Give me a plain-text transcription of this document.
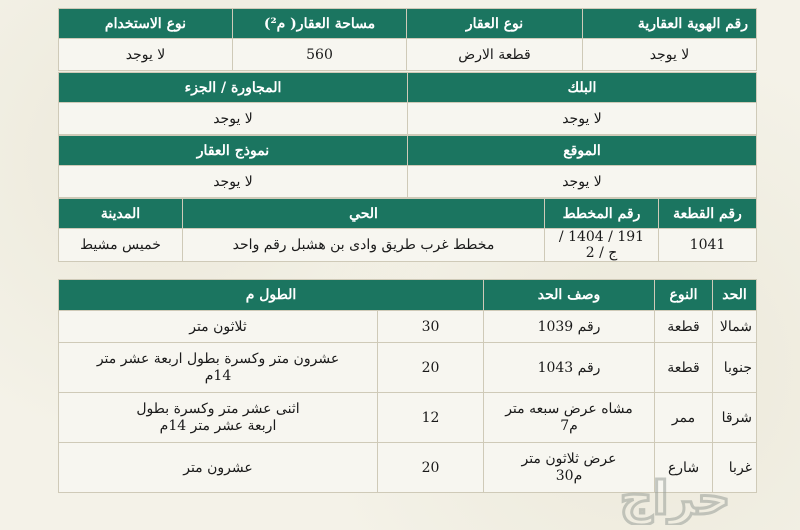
رقم الهوية العقارية	نوع العقار	مساحة العقار( م²)	نوع الاستخدام
لا يوجد	قطعة الارض	560	لا يوجد
البلك	المجاورة / الجزء
لا يوجد	لا يوجد
الموقع	نموذج العقار
لا يوجد	لا يوجد
رقم القطعة	رقم المخطط	الحي	المدينة
1041	191 / 1404 / ج / 2	مخطط غرب طريق وادى بن هشبل رقم واحد	خميس مشيط
الحد	النوع	وصف الحد	الطول م	
شمالا	قطعة	رقم 1039	30	ثلاثون متر
جنوبا	قطعة	رقم 1043	20	عشرون متر وكسرة بطول اربعة عشر متر 14م
شرقا	ممر	مشاه عرض سبعه متر م7	12	اثنى عشر متر وكسرة بطول اربعة عشر متر 14م
غربا	شارع	عرض ثلاثون متر م30	20	عشرون متر
حراج
